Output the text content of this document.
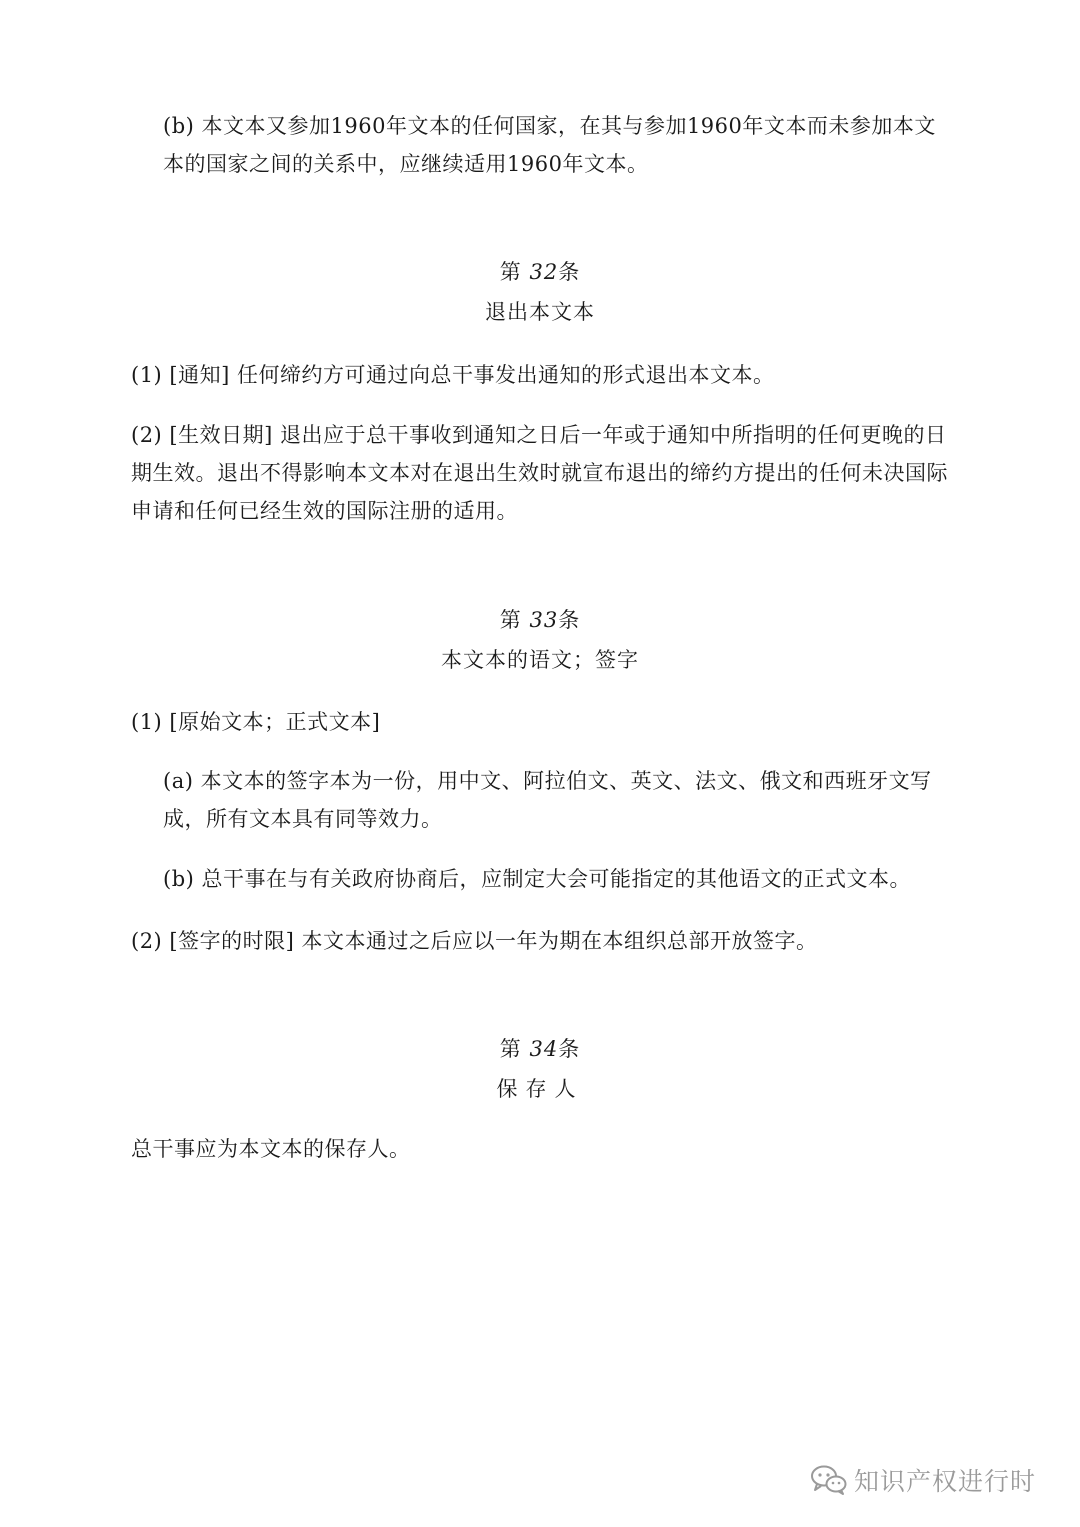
(b) 本文本又参加1960年文本的任何国家，在其与参加1960年文本而未参加本文本的国家之间的关系中，应继续适用1960年文本。

第 32条

退出本文本

(1) [通知] 任何缔约方可通过向总干事发出通知的形式退出本文本。

(2) [生效日期] 退出应于总干事收到通知之日后一年或于通知中所指明的任何更晚的日期生效。退出不得影响本文本对在退出生效时就宣布退出的缔约方提出的任何未决国际申请和任何已经生效的国际注册的适用。

第 33条

本文本的语文；签字

(1) [原始文本；正式文本]

(a) 本文本的签字本为一份，用中文、阿拉伯文、英文、法文、俄文和西班牙文写成，所有文本具有同等效力。

(b) 总干事在与有关政府协商后，应制定大会可能指定的其他语文的正式文本。

(2) [签字的时限] 本文本通过之后应以一年为期在本组织总部开放签字。

第 34条

保存人

总干事应为本文本的保存人。

知识产权进行时
